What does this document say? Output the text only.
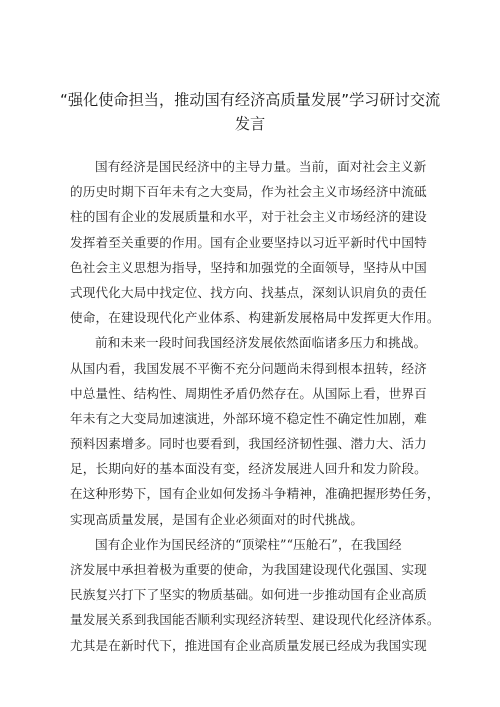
“强化使命担当，推动国有经济高质量发展”学习研讨交流
发言
国有经济是国民经济中的主导力量。当前，面对社会主义新
的历史时期下百年未有之大变局，作为社会主义市场经济中流砥
柱的国有企业的发展质量和水平，对于社会主义市场经济的建设
发挥着至关重要的作用。国有企业要坚持以习近平新时代中国特
色社会主义思想为指导，坚持和加强党的全面领导，坚持从中国
式现代化大局中找定位、找方向、找基点，深刻认识肩负的责任
使命，在建设现代化产业体系、构建新发展格局中发挥更大作用。
前和未来一段时间我国经济发展依然面临诸多压力和挑战。
从国内看，我国发展不平衡不充分问题尚未得到根本扭转，经济
中总量性、结构性、周期性矛盾仍然存在。从国际上看，世界百
年未有之大变局加速演进，外部环境不稳定性不确定性加剧，难
预料因素增多。同时也要看到，我国经济韧性强、潜力大、活力
足，长期向好的基本面没有变，经济发展进人回升和发力阶段。
在这种形势下，国有企业如何发扬斗争精神，准确把握形势任务，
实现高质量发展，是国有企业必须面对的时代挑战。
国有企业作为国民经济的“顶梁柱”“压舱石”，在我国经
济发展中承担着极为重要的使命，为我国建设现代化强国、实现
民族复兴打下了坚实的物质基础。如何进一步推动国有企业高质
量发展关系到我国能否顺利实现经济转型、建设现代化经济体系。
尤其是在新时代下，推进国有企业高质量发展已经成为我国实现
